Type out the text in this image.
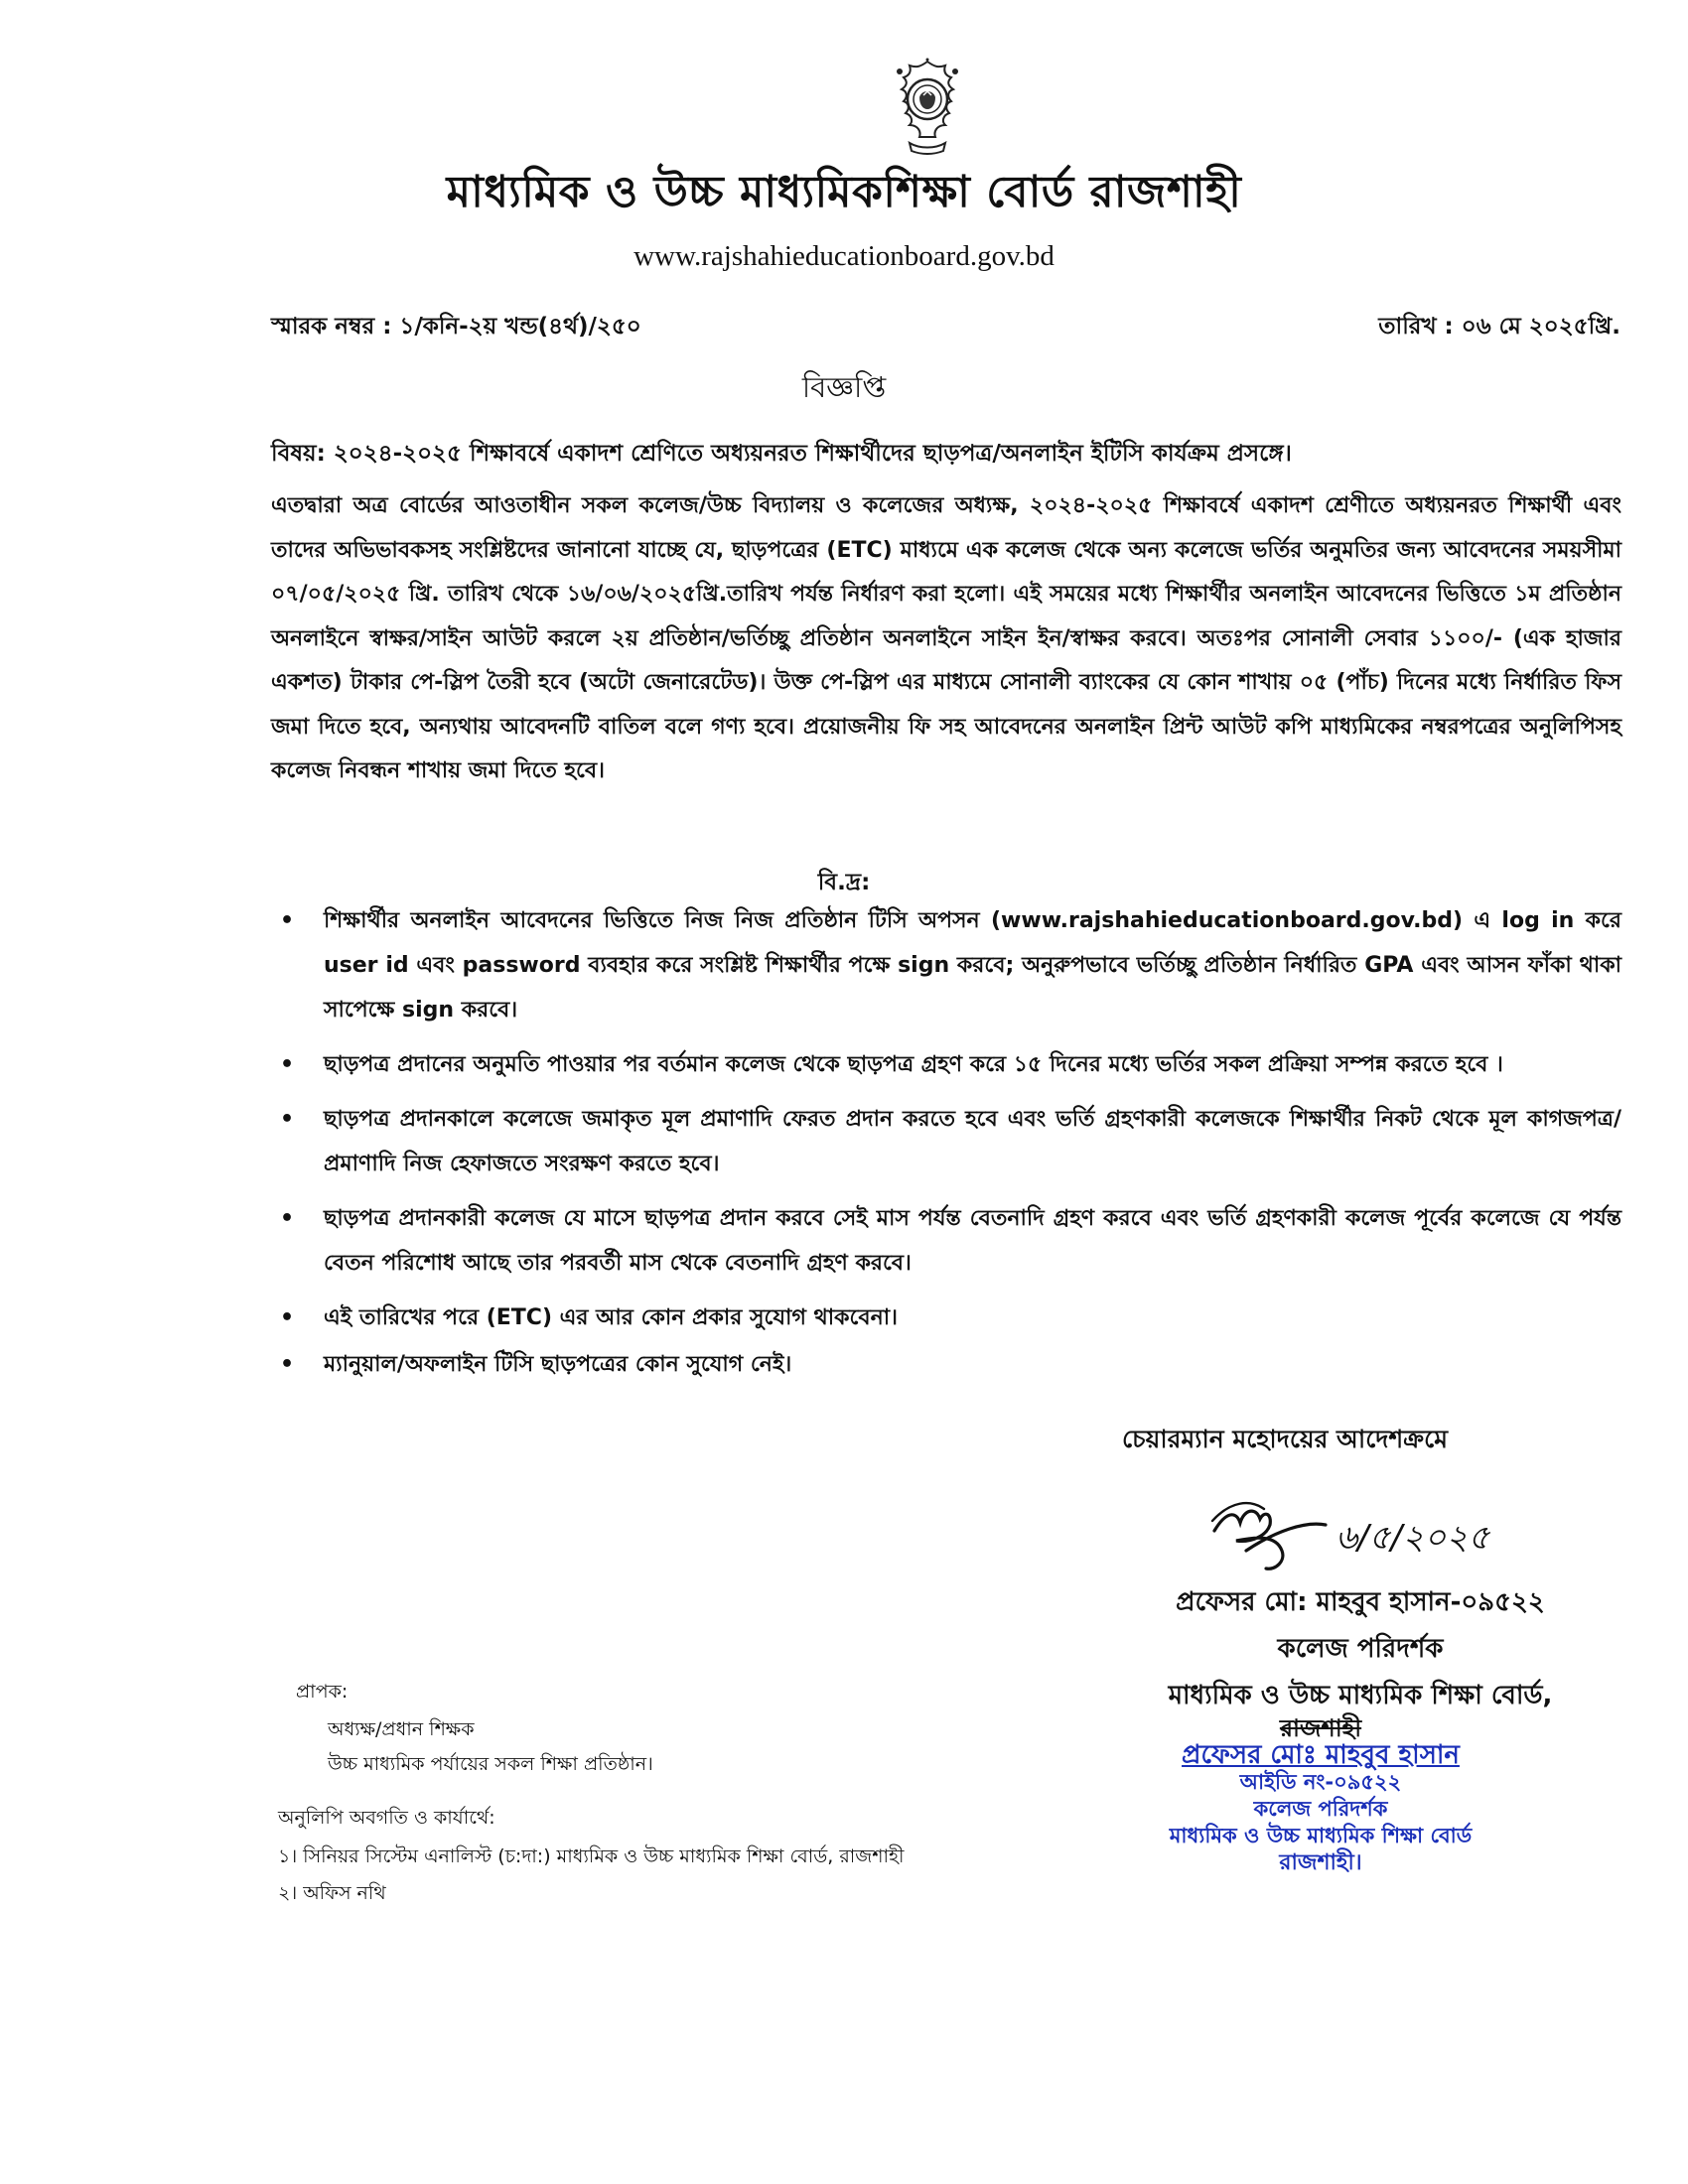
মাধ্যমিক ও উচ্চ মাধ্যমিকশিক্ষা বোর্ড রাজশাহী
www.rajshahieducationboard.gov.bd
স্মারক নম্বর : ১/কনি-২য় খন্ড(৪র্থ)/২৫০	তারিখ : ০৬ মে ২০২৫খ্রি.
বিজ্ঞপ্তি
বিষয়: ২০২৪-২০২৫ শিক্ষাবর্ষে একাদশ শ্রেণিতে অধ্যয়নরত শিক্ষার্থীদের ছাড়পত্র/অনলাইন ইটিসি কার্যক্রম প্রসঙ্গে।
এতদ্বারা অত্র বোর্ডের আওতাধীন সকল কলেজ/উচ্চ বিদ্যালয় ও কলেজের অধ্যক্ষ, ২০২৪-২০২৫ শিক্ষাবর্ষে একাদশ শ্রেণীতে অধ্যয়নরত শিক্ষার্থী এবং তাদের অভিভাবকসহ সংশ্লিষ্টদের জানানো যাচ্ছে যে, ছাড়পত্রের (ETC) মাধ্যমে এক কলেজ থেকে অন্য কলেজে ভর্তির অনুমতির জন্য আবেদনের সময়সীমা ০৭/০৫/২০২৫ খ্রি. তারিখ থেকে ১৬/০৬/২০২৫খ্রি.তারিখ পর্যন্ত নির্ধারণ করা হলো। এই সময়ের মধ্যে শিক্ষার্থীর অনলাইন আবেদনের ভিত্তিতে ১ম প্রতিষ্ঠান অনলাইনে স্বাক্ষর/সাইন আউট করলে ২য় প্রতিষ্ঠান/ভর্তিচ্ছু প্রতিষ্ঠান অনলাইনে সাইন ইন/স্বাক্ষর করবে। অতঃপর সোনালী সেবার ১১০০/- (এক হাজার একশত) টাকার পে-স্লিপ তৈরী হবে (অটো জেনারেটেড)। উক্ত পে-স্লিপ এর মাধ্যমে সোনালী ব্যাংকের যে কোন শাখায় ০৫ (পাঁচ) দিনের মধ্যে নির্ধারিত ফিস জমা দিতে হবে, অন্যথায় আবেদনটি বাতিল বলে গণ্য হবে। প্রয়োজনীয় ফি সহ আবেদনের অনলাইন প্রিন্ট আউট কপি মাধ্যমিকের নম্বরপত্রের অনুলিপিসহ কলেজ নিবন্ধন শাখায় জমা দিতে হবে।
বি.দ্র:
• শিক্ষার্থীর অনলাইন আবেদনের ভিত্তিতে নিজ নিজ প্রতিষ্ঠান টিসি অপসন (www.rajshahieducationboard.gov.bd) এ log in করে user id এবং password ব্যবহার করে সংশ্লিষ্ট শিক্ষার্থীর পক্ষে sign করবে; অনুরুপভাবে ভর্তিচ্ছু প্রতিষ্ঠান নির্ধারিত GPA এবং আসন ফাঁকা থাকা সাপেক্ষে sign করবে।
• ছাড়পত্র প্রদানের অনুমতি পাওয়ার পর বর্তমান কলেজ থেকে ছাড়পত্র গ্রহণ করে ১৫ দিনের মধ্যে ভর্তির সকল প্রক্রিয়া সম্পন্ন করতে হবে ।
• ছাড়পত্র প্রদানকালে কলেজে জমাকৃত মূল প্রমাণাদি ফেরত প্রদান করতে হবে এবং ভর্তি গ্রহণকারী কলেজকে শিক্ষার্থীর নিকট থেকে মূল কাগজপত্র/প্রমাণাদি নিজ হেফাজতে সংরক্ষণ করতে হবে।
• ছাড়পত্র প্রদানকারী কলেজ যে মাসে ছাড়পত্র প্রদান করবে সেই মাস পর্যন্ত বেতনাদি গ্রহণ করবে এবং ভর্তি গ্রহণকারী কলেজ পূর্বের কলেজে যে পর্যন্ত বেতন পরিশোধ আছে তার পরবর্তী মাস থেকে বেতনাদি গ্রহণ করবে।
• এই তারিখের পরে (ETC) এর আর কোন প্রকার সুযোগ থাকবেনা।
• ম্যানুয়াল/অফলাইন টিসি ছাড়পত্রের কোন সুযোগ নেই।
চেয়ারম্যান মহোদয়ের আদেশক্রমে
৬/৫/২০২৫
প্রফেসর মো: মাহবুব হাসান-০৯৫২২
কলেজ পরিদর্শক
মাধ্যমিক ও উচ্চ মাধ্যমিক শিক্ষা বোর্ড,
রাজশাহী
প্রফেসর মোঃ মাহবুব হাসান
আইডি নং-০৯৫২২
কলেজ পরিদর্শক
মাধ্যমিক ও উচ্চ মাধ্যমিক শিক্ষা বোর্ড
রাজশাহী।
প্রাপক:
অধ্যক্ষ/প্রধান শিক্ষক
উচ্চ মাধ্যমিক পর্যায়ের সকল শিক্ষা প্রতিষ্ঠান।
অনুলিপি অবগতি ও কার্যার্থে:
১। সিনিয়র সিস্টেম এনালিস্ট (চ:দা:) মাধ্যমিক ও উচ্চ মাধ্যমিক শিক্ষা বোর্ড, রাজশাহী
২। অফিস নথি
